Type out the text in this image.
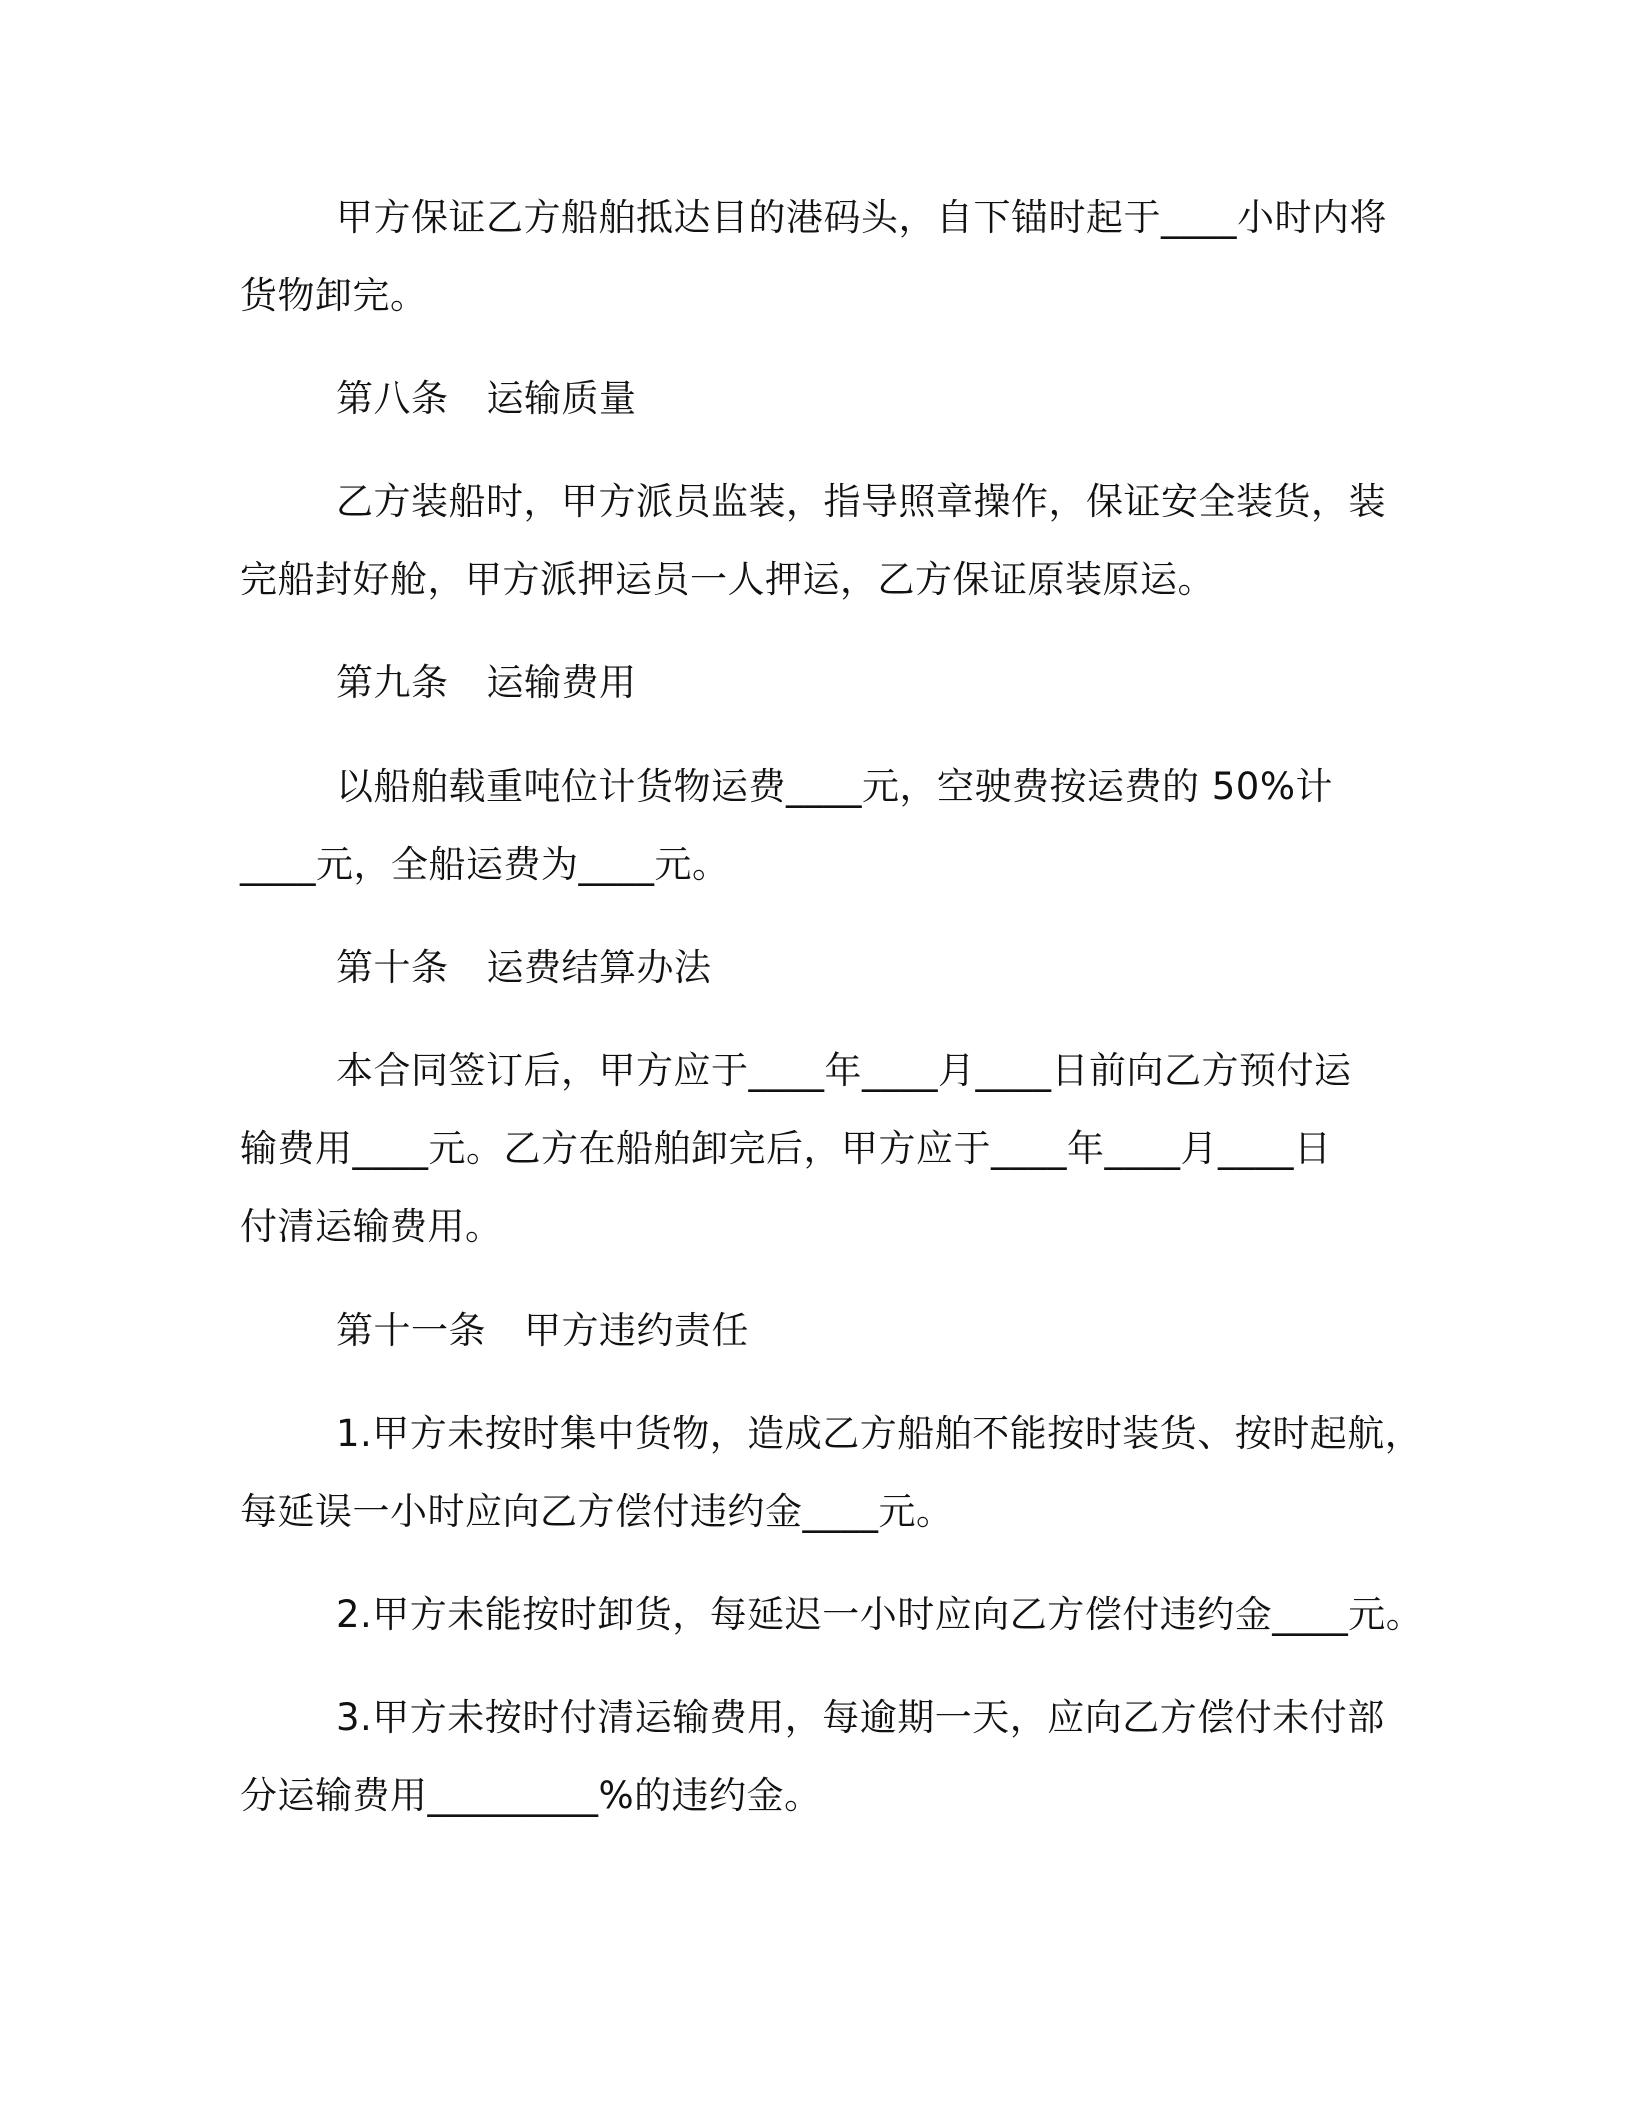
甲方保证乙方船舶抵达目的港码头，自下锚时起于____小时内将
货物卸完。
第八条 运输质量
乙方装船时，甲方派员监装，指导照章操作，保证安全装货，装
完船封好舱，甲方派押运员一人押运，乙方保证原装原运。
第九条 运输费用
以船舶载重吨位计货物运费____元，空驶费按运费的 50%计
____元，全船运费为____元。
第十条 运费结算办法
本合同签订后，甲方应于____年____月____日前向乙方预付运
输费用____元。乙方在船舶卸完后，甲方应于____年____月____日
付清运输费用。
第十一条 甲方违约责任
1.甲方未按时集中货物，造成乙方船舶不能按时装货、按时起航，
每延误一小时应向乙方偿付违约金____元。
2.甲方未能按时卸货，每延迟一小时应向乙方偿付违约金____元。
3.甲方未按时付清运输费用，每逾期一天，应向乙方偿付未付部
分运输费用_________%的违约金。
